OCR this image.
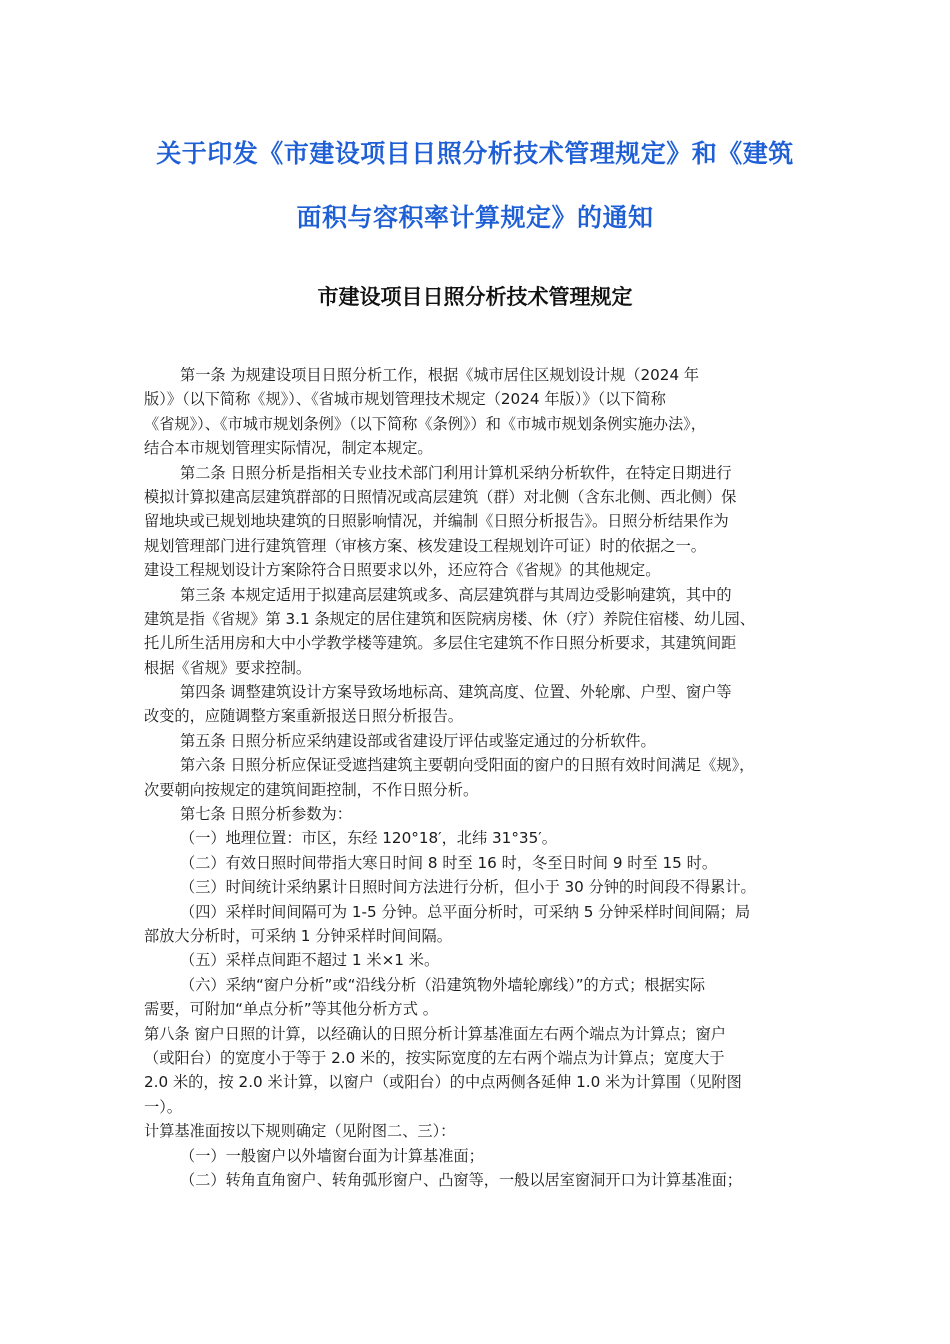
关于印发《市建设项目日照分析技术管理规定》和《建筑
面积与容积率计算规定》的通知
市建设项目日照分析技术管理规定
第一条 为规建设项目日照分析工作，根据《城市居住区规划设计规（2024 年
版）》（以下简称《规》）、《省城市规划管理技术规定（2024 年版）》（以下简称
《省规》）、《市城市规划条例》（以下简称《条例》）和《市城市规划条例实施办法》，
结合本市规划管理实际情况，制定本规定。
第二条 日照分析是指相关专业技术部门利用计算机采纳分析软件，在特定日期进行
模拟计算拟建高层建筑群部的日照情况或高层建筑（群）对北侧（含东北侧、西北侧）保
留地块或已规划地块建筑的日照影响情况，并编制《日照分析报告》。日照分析结果作为
规划管理部门进行建筑管理（审核方案、核发建设工程规划许可证）时的依据之一。
建设工程规划设计方案除符合日照要求以外，还应符合《省规》的其他规定。
第三条 本规定适用于拟建高层建筑或多、高层建筑群与其周边受影响建筑，其中的
建筑是指《省规》第 3.1 条规定的居住建筑和医院病房楼、休（疗）养院住宿楼、幼儿园、
托儿所生活用房和大中小学教学楼等建筑。多层住宅建筑不作日照分析要求，其建筑间距
根据《省规》要求控制。
第四条 调整建筑设计方案导致场地标高、建筑高度、位置、外轮廓、户型、窗户等
改变的，应随调整方案重新报送日照分析报告。
第五条 日照分析应采纳建设部或省建设厅评估或鉴定通过的分析软件。
第六条 日照分析应保证受遮挡建筑主要朝向受阳面的窗户的日照有效时间满足《规》，
次要朝向按规定的建筑间距控制，不作日照分析。
第七条 日照分析参数为：
（一）地理位置：市区，东经 120°18′，北纬 31°35′。
（二）有效日照时间带指大寒日时间 8 时至 16 时，冬至日时间 9 时至 15 时。
（三）时间统计采纳累计日照时间方法进行分析，但小于 30 分钟的时间段不得累计。
（四）采样时间间隔可为 1-5 分钟。总平面分析时，可采纳 5 分钟采样时间间隔；局
部放大分析时，可采纳 1 分钟采样时间间隔。
（五）采样点间距不超过 1 米×1 米。
（六）采纳“窗户分析”或“沿线分析（沿建筑物外墙轮廓线）”的方式；根据实际
需要，可附加“单点分析”等其他分析方式 。
第八条 窗户日照的计算，以经确认的日照分析计算基准面左右两个端点为计算点；窗户
（或阳台）的宽度小于等于 2.0 米的，按实际宽度的左右两个端点为计算点；宽度大于
2.0 米的，按 2.0 米计算，以窗户（或阳台）的中点两侧各延伸 1.0 米为计算围（见附图
一）。
计算基准面按以下规则确定（见附图二、三）：
（一）一般窗户以外墙窗台面为计算基准面；
（二）转角直角窗户、转角弧形窗户、凸窗等，一般以居室窗洞开口为计算基准面；
